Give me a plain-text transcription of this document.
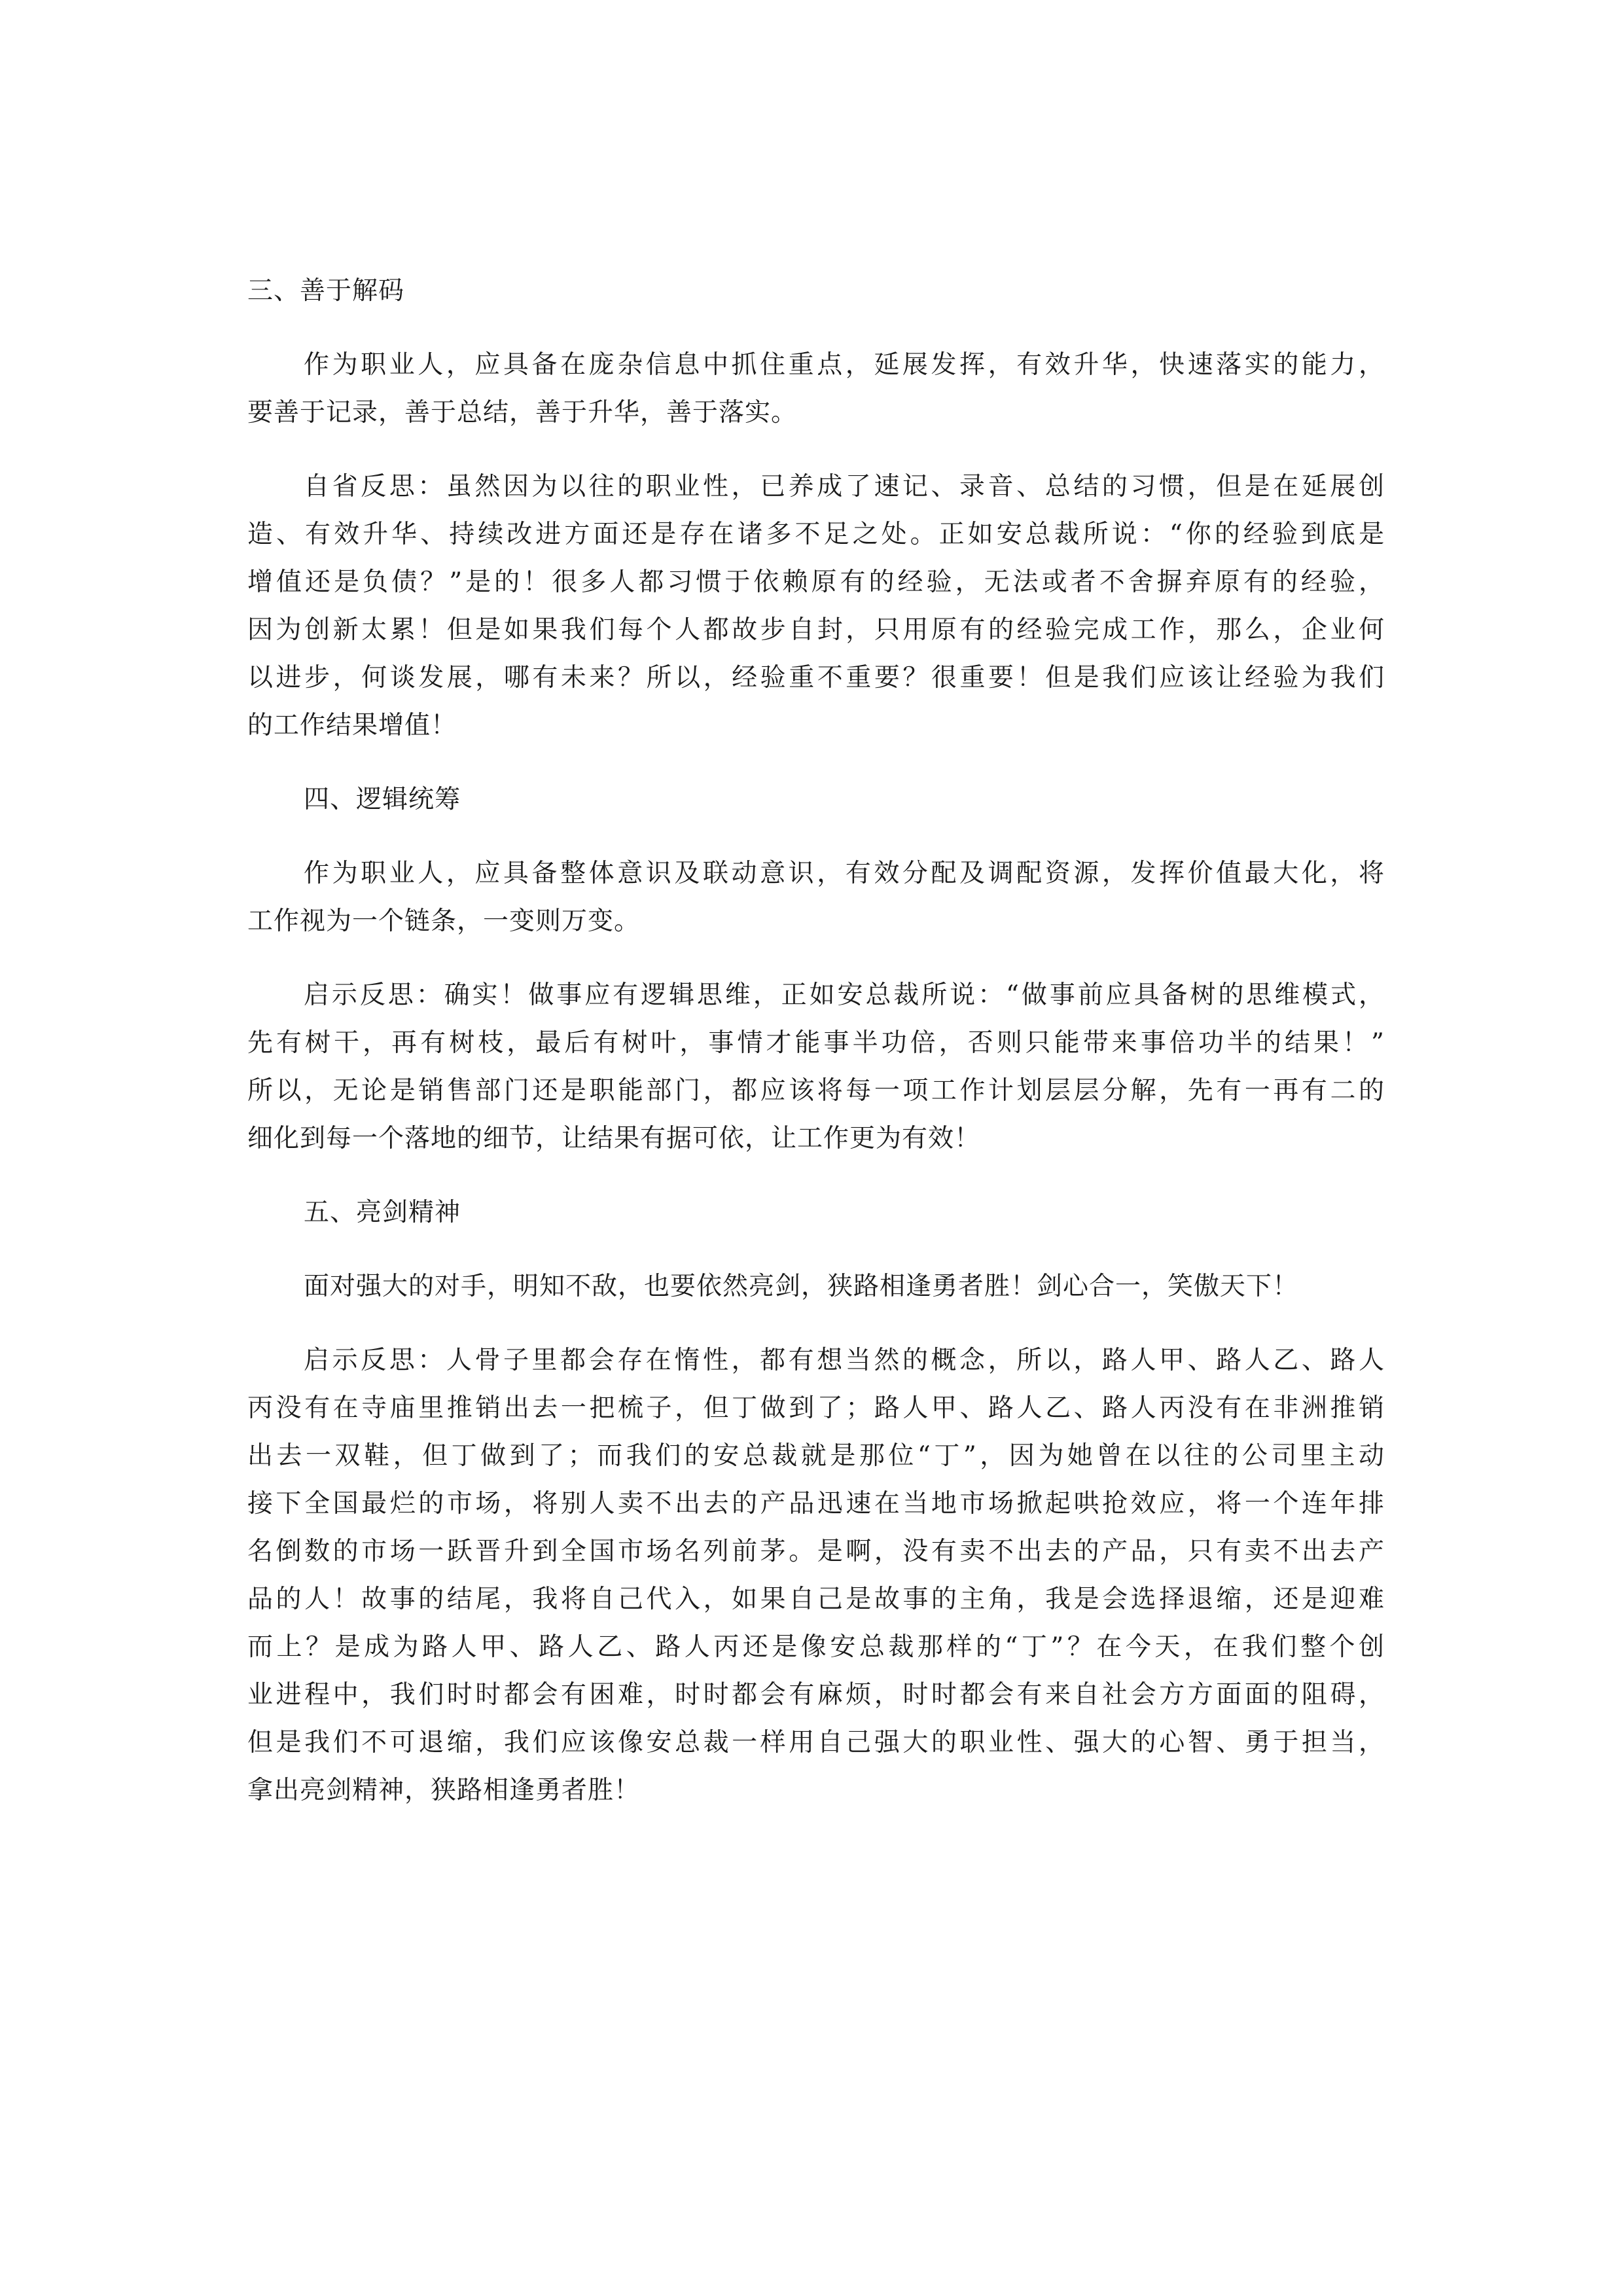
三、善于解码
作为职业人，应具备在庞杂信息中抓住重点，延展发挥，有效升华，快速落实的能力，
要善于记录，善于总结，善于升华，善于落实。
自省反思：虽然因为以往的职业性，已养成了速记、录音、总结的习惯，但是在延展创
造、有效升华、持续改进方面还是存在诸多不足之处。正如安总裁所说：“你的经验到底是
增值还是负债？”是的！很多人都习惯于依赖原有的经验，无法或者不舍摒弃原有的经验，
因为创新太累！但是如果我们每个人都故步自封，只用原有的经验完成工作，那么，企业何
以进步，何谈发展，哪有未来？所以，经验重不重要？很重要！但是我们应该让经验为我们
的工作结果增值！
四、逻辑统筹
作为职业人，应具备整体意识及联动意识，有效分配及调配资源，发挥价值最大化，将
工作视为一个链条，一变则万变。
启示反思：确实！做事应有逻辑思维，正如安总裁所说：“做事前应具备树的思维模式，
先有树干，再有树枝，最后有树叶，事情才能事半功倍，否则只能带来事倍功半的结果！”
所以，无论是销售部门还是职能部门，都应该将每一项工作计划层层分解，先有一再有二的
细化到每一个落地的细节，让结果有据可依，让工作更为有效！
五、亮剑精神
面对强大的对手，明知不敌，也要依然亮剑，狭路相逢勇者胜！剑心合一，笑傲天下！
启示反思：人骨子里都会存在惰性，都有想当然的概念，所以，路人甲、路人乙、路人
丙没有在寺庙里推销出去一把梳子，但丁做到了；路人甲、路人乙、路人丙没有在非洲推销
出去一双鞋，但丁做到了；而我们的安总裁就是那位“丁”，因为她曾在以往的公司里主动
接下全国最烂的市场，将别人卖不出去的产品迅速在当地市场掀起哄抢效应，将一个连年排
名倒数的市场一跃晋升到全国市场名列前茅。是啊，没有卖不出去的产品，只有卖不出去产
品的人！故事的结尾，我将自己代入，如果自己是故事的主角，我是会选择退缩，还是迎难
而上？是成为路人甲、路人乙、路人丙还是像安总裁那样的“丁”？在今天，在我们整个创
业进程中，我们时时都会有困难，时时都会有麻烦，时时都会有来自社会方方面面的阻碍，
但是我们不可退缩，我们应该像安总裁一样用自己强大的职业性、强大的心智、勇于担当，
拿出亮剑精神，狭路相逢勇者胜！
